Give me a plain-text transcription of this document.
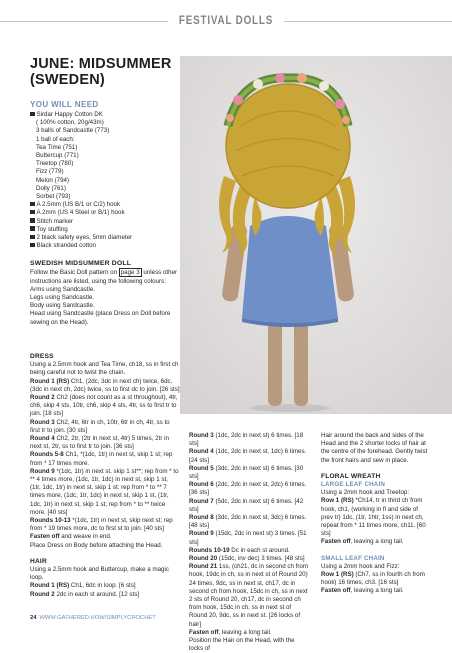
FESTIVAL DOLLS
JUNE: MIDSUMMER
(SWEDEN)
YOU WILL NEED
Sirdar Happy Cotton DK
( 100% cotton, 20g/43m)
3 balls of Sandcastle (773)
1 ball of each:
Tea Time (751)
Buttercup (771)
Treetop (780)
Fizz (779)
Melon (794)
Dolly (761)
Sorbet (793)
A 2.5mm (US B/1 or C/2) hook
A 2mm (US 4 Steel or B/1) hook
Stitch marker
Toy stuffing
2 black safety eyes, 5mm diameter
Black stranded cotton
SWEDISH MIDSUMMER DOLL
Follow the Basic Doll pattern on page 3 unless other instructions are listed, using the following colours:
Arms using Sandcastle.
Legs using Sandcastle.
Body using Sandcastle.
Head using Sandcastle (place Dress on Doll before sewing on the Head).
DRESS
Using a 2.5mm hook and Tea Time, ch18, ss in first ch being careful not to twist the chain.
Round 1 (RS) Ch1, (2dc, 3dc in next ch) twice, 6dc, (3dc in next ch, 2dc) twice, ss to first dc to join. [26 sts]
Round 2 Ch2 (does not count as a st throughout), 4tr, ch6, skip 4 sts, 10tr, ch6, skip 4 sts, 4tr, ss to first tr to join. [18 sts]
Round 3 Ch2, 4tr, 6tr in ch, 10tr, 6tr in ch, 4tr, ss to first tr to join. [30 sts]
Round 4 Ch2, 2tr, (2tr in next st, 4tr) 5 times, 2tr in next st, 2tr, ss to first tr to join. [36 sts]
Rounds 5-8 Ch1, *(1dc, 1tr) in next st, skip 1 st; rep from * 17 times more.
Round 9 *(1dc, 1tr) in next st, skip 1 st**; rep from * to ** 4 times more, (1dc, 1tr, 1dc) in next st, skip 1 st, (1tr, 1dc, 1tr) in next st, skip 1 st; rep from * to ** 7 times more, (1dc, 1tr, 1dc) in next st, skip 1 st, (1tr, 1dc, 1tr) in next st, skip 1 st; rep from * to ** twice more. [40 sts]
Rounds 10-13 *(1dc, 1tr) in next st, skip next st; rep from * 19 times more, dc to first st to join. [40 sts]
Fasten off and weave in end.
Place Dress on Body before attaching the Head.
HAIR
Using a 2.5mm hook and Buttercup, make a magic loop.
Round 1 (RS) Ch1, 6dc in loop. [6 sts]
Round 2 2dc in each st around. [12 sts]
Round 3 (1dc, 2dc in next st) 6 times. [18 sts]
Round 4 (1dc, 2dc in next st, 1dc) 6 times. [24 sts]
Round 5 (3dc, 2dc in next st) 6 times. [30 sts]
Round 6 (2dc, 2dc in next st, 2dc) 6 times. [36 sts]
Round 7 (5dc, 2dc in next st) 6 times. [42 sts]
Round 8 (3dc, 2dc in next st, 3dc) 6 times. [48 sts]
Round 9 (15dc, 2dc in next st) 3 times. [51 sts]
Rounds 10-19 Dc in each st around.
Round 20 (15dc, inv dec) 3 times. [48 sts]
Round 21 1ss, (ch21, dc in second ch from hook, 19dc in ch, ss in next st of Round 20) 24 times, 9dc, ss in next st, ch17, dc in second ch from hook, 15dc in ch, ss in next 2 sts of Round 20, ch17, dc in second ch from hook, 15dc in ch, ss in next st of Round 20, 9dc, ss in next st. [26 locks of hair]
Fasten off, leaving a long tail.
Position the Hair on the Head, with the locks of
Hair around the back and sides of the Head and the 2 shorter locks of hair at the centre of the forehead. Gently twist the front hairs and sew in place.
FLORAL WREATH
LARGE LEAF CHAIN
Using a 2mm hook and Treetop:
Row 1 (RS) *Ch14, tr in third ch from hook, ch1, (working in fl and side of prev tr) 1dc, (1tr, 1htr, 1ss) in next ch, repeat from * 11 times more, ch11. [60 sts]
Fasten off, leaving a long tail.
SMALL LEAF CHAIN
Using a 2mm hook and Fizz:
Row 1 (RS) (Ch7, ss in fourth ch from hook) 16 times, ch3. [16 sts]
Fasten off, leaving a long tail.
24 WWW.GATHERED.HOW/SIMPLYCROCHET
